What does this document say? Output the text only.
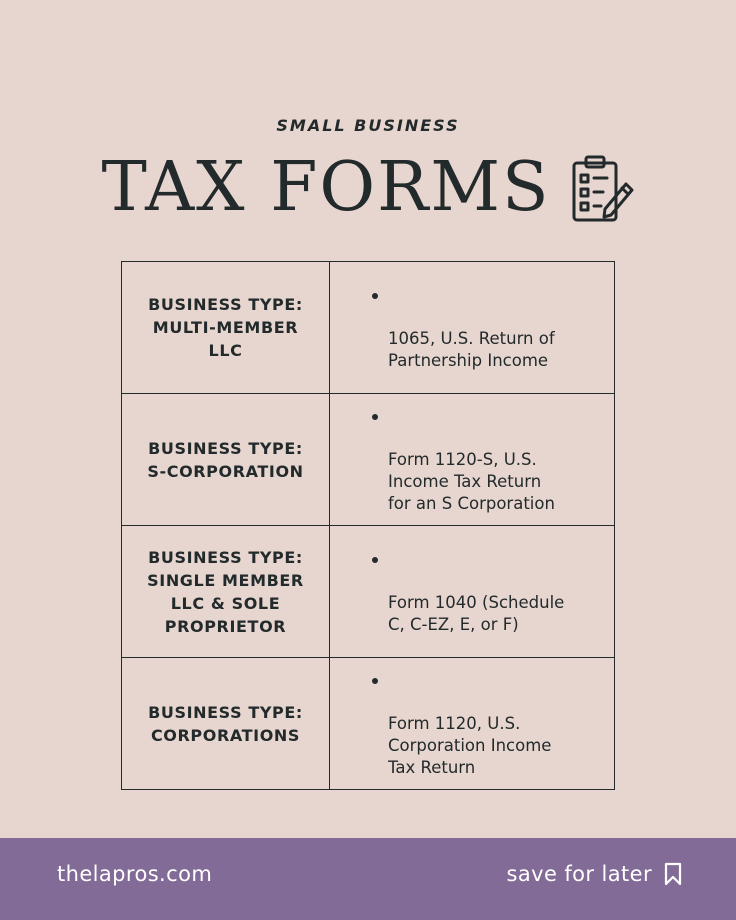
SMALL BUSINESS
TAX FORMS
BUSINESS TYPE:
MULTI-MEMBER
LLC	1065, U.S. Return of
Partnership Income

BUSINESS TYPE:
S-CORPORATION	Form 1120-S, U.S.
Income Tax Return
for an S Corporation

BUSINESS TYPE:
SINGLE MEMBER
LLC & SOLE
PROPRIETOR	Form 1040 (Schedule
C, C-EZ, E, or F)

BUSINESS TYPE:
CORPORATIONS	Form 1120, U.S.
Corporation Income
Tax Return

thelapros.com	save for later
